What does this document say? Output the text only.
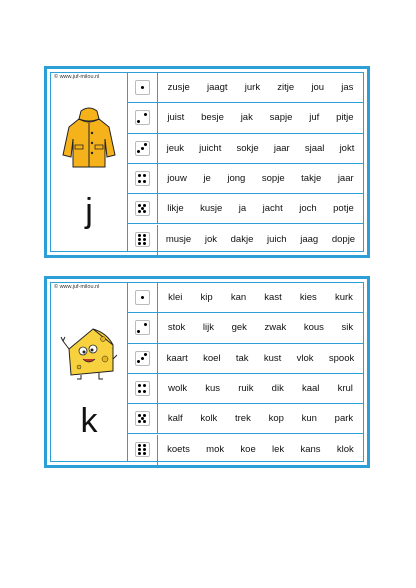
© www.juf-milou.nl
j
zusje jaagt jurk zitje jou jas
juist besje jak sapje juf pitje
jeuk juicht sokje jaar sjaal jokt
jouw je jong sopje takje jaar
likje kusje ja jacht joch potje
musje jok dakje juich jaag dopje
© www.juf-milou.nl
k
klei kip kan kast kies kurk
stok lijk gek zwak kous sik
kaart koel tak kust vlok spook
wolk kus ruik dik kaal krul
kalf kolk trek kop kun park
koets mok koe lek kans klok
